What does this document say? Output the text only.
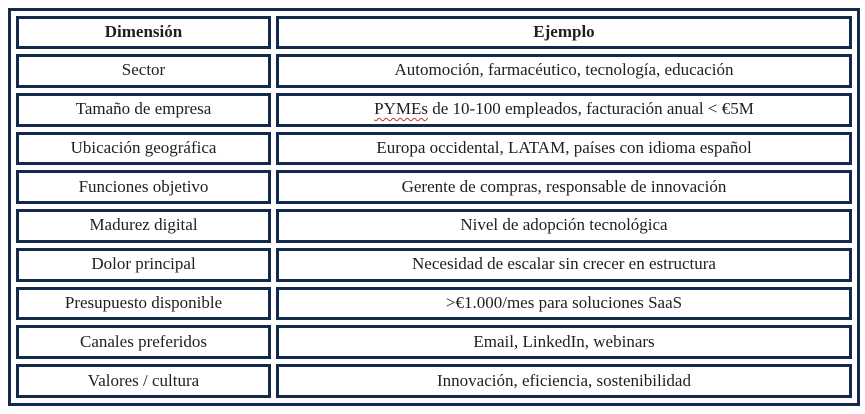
Dimensión	Ejemplo
Sector	Automoción, farmacéutico, tecnología, educación
Tamaño de empresa	PYMEs de 10-100 empleados, facturación anual < €5M
Ubicación geográfica	Europa occidental, LATAM, países con idioma español
Funciones objetivo	Gerente de compras, responsable de innovación
Madurez digital	Nivel de adopción tecnológica
Dolor principal	Necesidad de escalar sin crecer en estructura
Presupuesto disponible	>€1.000/mes para soluciones SaaS
Canales preferidos	Email, LinkedIn, webinars
Valores / cultura	Innovación, eficiencia, sostenibilidad
